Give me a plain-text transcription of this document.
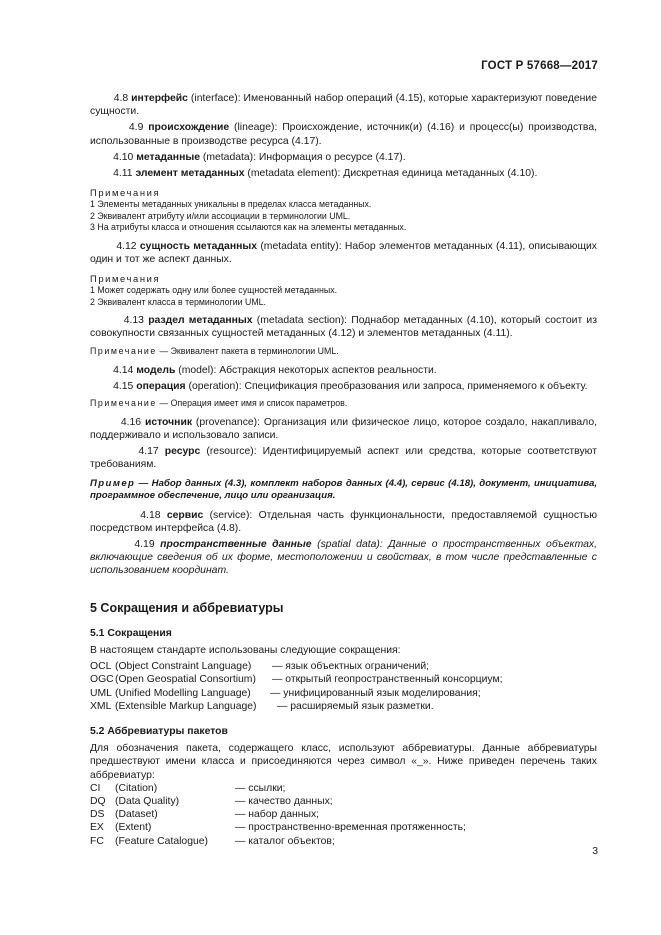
ГОСТ Р 57668—2017

4.8 интерфейс (interface): Именованный набор операций (4.15), которые характеризуют поведение сущности.

4.9 происхождение (lineage): Происхождение, источник(и) (4.16) и процесс(ы) производства, использованные в производстве ресурса (4.17).

4.10 метаданные (metadata): Информация о ресурсе (4.17).

4.11 элемент метаданных (metadata element): Дискретная единица метаданных (4.10).

Примечания

1 Элементы метаданных уникальны в пределах класса метаданных.

2 Эквивалент атрибуту и/или ассоциации в терминологии UML.

3 На атрибуты класса и отношения ссылаются как на элементы метаданных.

4.12 сущность метаданных (metadata entity): Набор элементов метаданных (4.11), описывающих один и тот же аспект данных.

Примечания

1 Может содержать одну или более сущностей метаданных.

2 Эквивалент класса в терминологии UML.

4.13 раздел метаданных (metadata section): Поднабор метаданных (4.10), который состоит из совокупности связанных сущностей метаданных (4.12) и элементов метаданных (4.11).

Примечание — Эквивалент пакета в терминологии UML.

4.14 модель (model): Абстракция некоторых аспектов реальности.

4.15 операция (operation): Спецификация преобразования или запроса, применяемого к объекту.

Примечание — Операция имеет имя и список параметров.

4.16 источник (provenance): Организация или физическое лицо, которое создало, накапливало, поддерживало и использовало записи.

4.17 ресурс (resource): Идентифицируемый аспект или средства, которые соответствуют требованиям.

Пример — Набор данных (4.3), комплект наборов данных (4.4), сервис (4.18), документ, инициатива, программное обеспечение, лицо или организация.

4.18 сервис (service): Отдельная часть функциональности, предоставляемой сущностью посредством интерфейса (4.8).

4.19 пространственные данные (spatial data): Данные о пространственных объектах, включающие сведения об их форме, местоположении и свойствах, в том числе представленные с использованием координат.

5 Сокращения и аббревиатуры

5.1 Сокращения

В настоящем стандарте использованы следующие сокращения:

OCL (Object Constraint Language)	— язык объектных ограничений;
OGC (Open Geospatial Consortium)	— открытый геопространственный консорциум;
UML (Unified Modelling Language)	— унифицированный язык моделирования;
XML (Extensible Markup Language)	— расширяемый язык разметки.

5.2 Аббревиатуры пакетов

Для обозначения пакета, содержащего класс, используют аббревиатуры. Данные аббревиатуры предшествуют имени класса и присоединяются через символ «_». Ниже приведен перечень таких аббревиатур:

CI	(Citation)	— ссылки;
DQ (Data Quality)	— качество данных;
DS	(Dataset)	— набор данных;
EX	(Extent)	— пространственно-временная протяженность;
FC	(Feature Catalogue)	— каталог объектов;
3
